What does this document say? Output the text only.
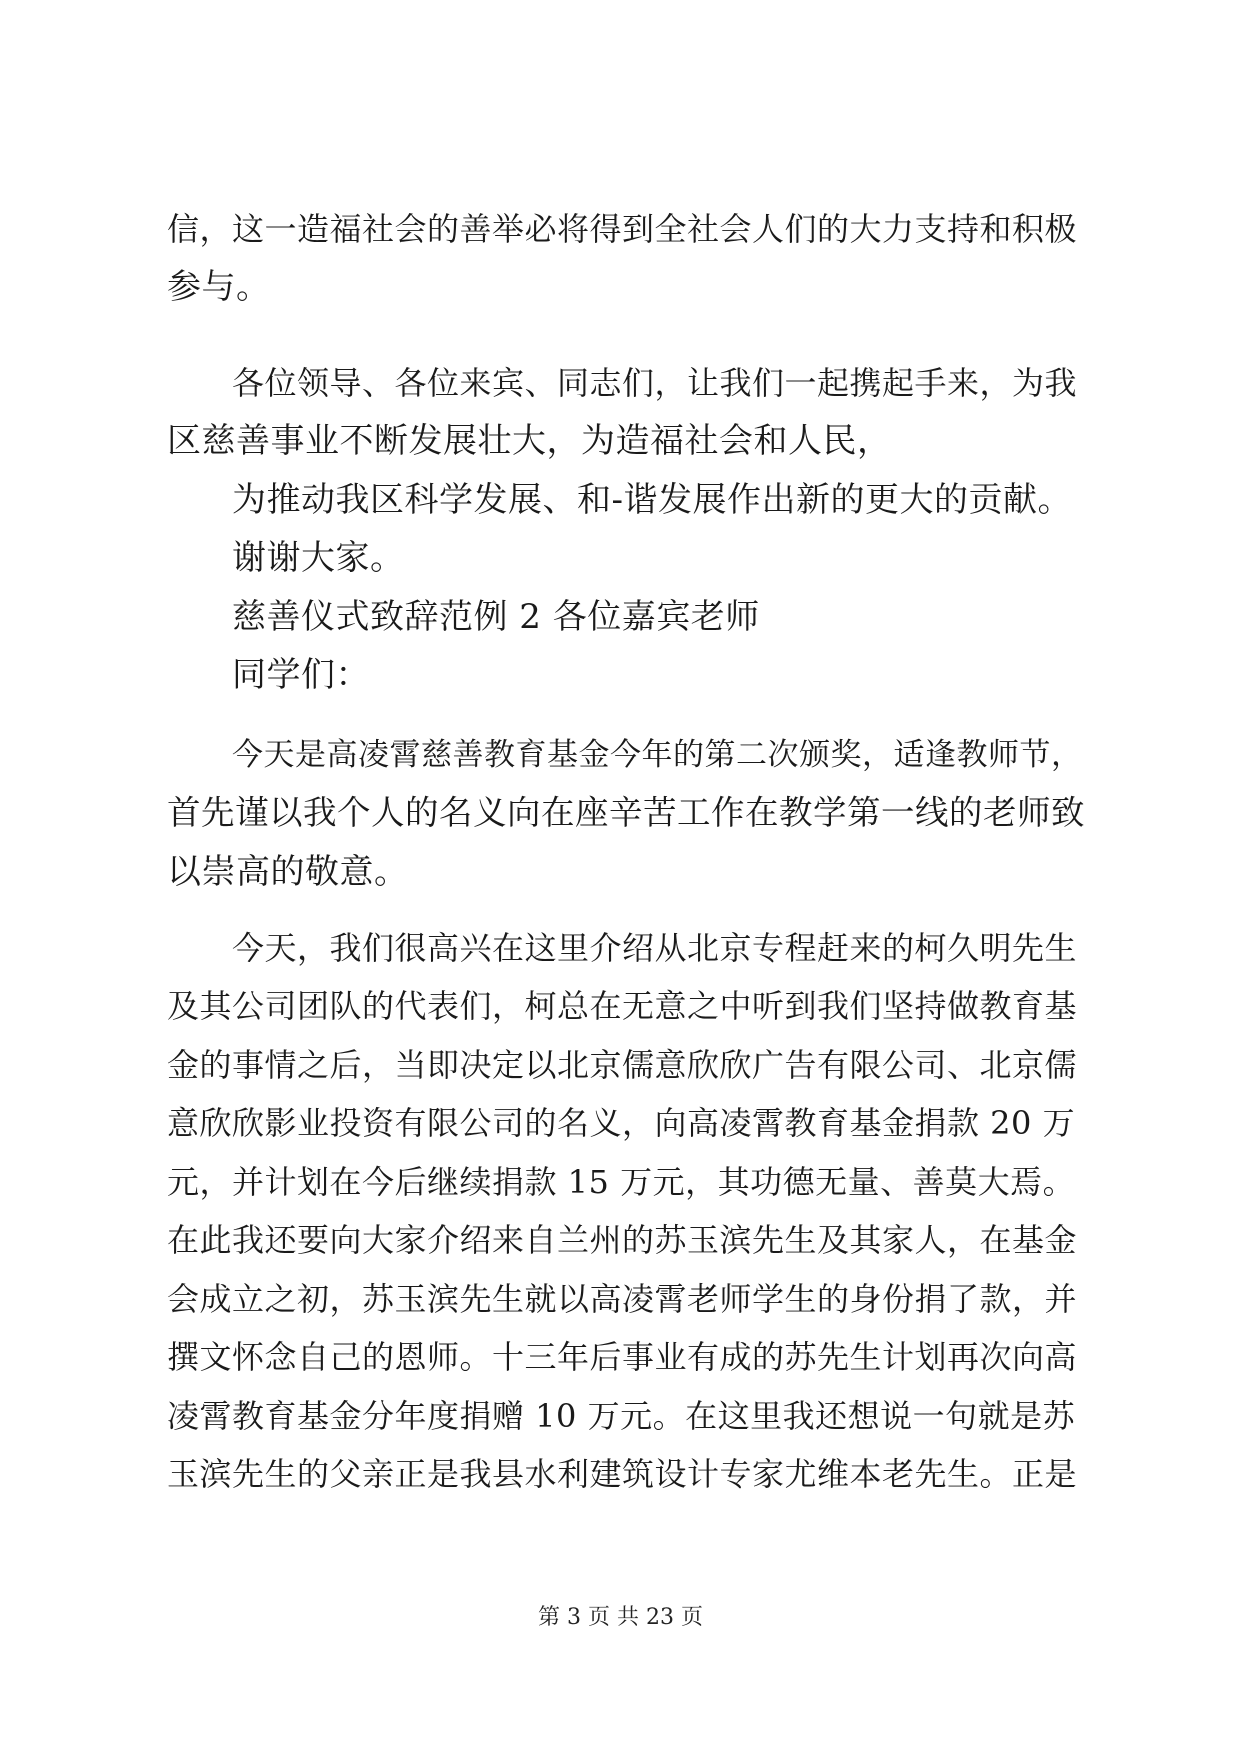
信，这一造福社会的善举必将得到全社会人们的大力支持和积极
参与。
各位领导、各位来宾、同志们，让我们一起携起手来，为我
区慈善事业不断发展壮大，为造福社会和人民，
为推动我区科学发展、和-谐发展作出新的更大的贡献。
谢谢大家。
慈善仪式致辞范例 2 各位嘉宾老师
同学们：
今天是高凌霄慈善教育基金今年的第二次颁奖，适逢教师节，
首先谨以我个人的名义向在座辛苦工作在教学第一线的老师致
以崇高的敬意。
今天，我们很高兴在这里介绍从北京专程赶来的柯久明先生
及其公司团队的代表们，柯总在无意之中听到我们坚持做教育基
金的事情之后，当即决定以北京儒意欣欣广告有限公司、北京儒
意欣欣影业投资有限公司的名义，向高凌霄教育基金捐款 20 万
元，并计划在今后继续捐款 15 万元，其功德无量、善莫大焉。
在此我还要向大家介绍来自兰州的苏玉滨先生及其家人，在基金
会成立之初，苏玉滨先生就以高凌霄老师学生的身份捐了款，并
撰文怀念自己的恩师。十三年后事业有成的苏先生计划再次向高
凌霄教育基金分年度捐赠 10 万元。在这里我还想说一句就是苏
玉滨先生的父亲正是我县水利建筑设计专家尤维本老先生。正是
第 3 页 共 23 页
